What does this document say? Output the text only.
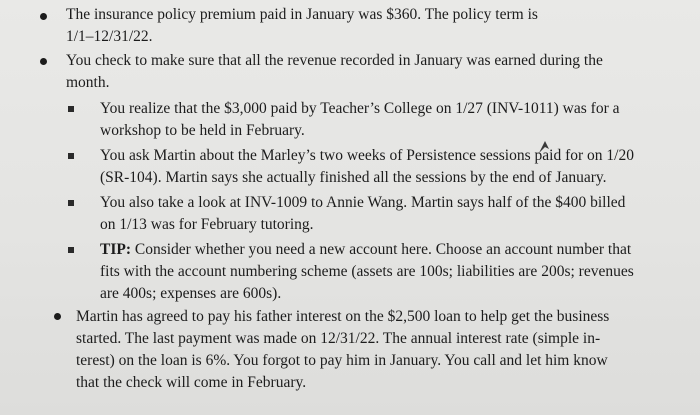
The insurance policy premium paid in January was $360. The policy term is
1/1–12/31/22.
You check to make sure that all the revenue recorded in January was earned during the
month.
You realize that the $3,000 paid by Teacher’s College on 1/27 (INV-1011) was for a
workshop to be held in February.
You ask Martin about the Marley’s two weeks of Persistence sessions paid for on 1/20
(SR-104). Martin says she actually finished all the sessions by the end of January.
You also take a look at INV-1009 to Annie Wang. Martin says half of the $400 billed
on 1/13 was for February tutoring.
TIP: Consider whether you need a new account here. Choose an account number that
fits with the account numbering scheme (assets are 100s; liabilities are 200s; revenues
are 400s; expenses are 600s).
Martin has agreed to pay his father interest on the $2,500 loan to help get the business
started. The last payment was made on 12/31/22. The annual interest rate (simple in-
terest) on the loan is 6%. You forgot to pay him in January. You call and let him know
that the check will come in February.
